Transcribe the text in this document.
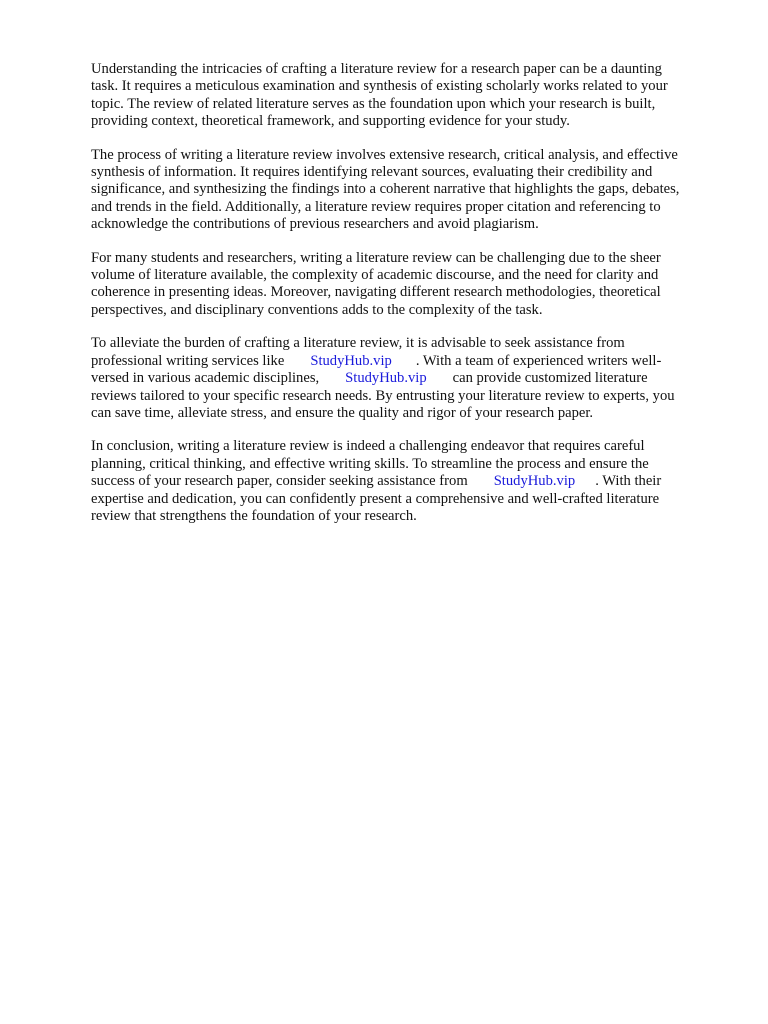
Understanding the intricacies of crafting a literature review for a research paper can be a daunting
task. It requires a meticulous examination and synthesis of existing scholarly works related to your
topic. The review of related literature serves as the foundation upon which your research is built,
providing context, theoretical framework, and supporting evidence for your study.

The process of writing a literature review involves extensive research, critical analysis, and effective
synthesis of information. It requires identifying relevant sources, evaluating their credibility and
significance, and synthesizing the findings into a coherent narrative that highlights the gaps, debates,
and trends in the field. Additionally, a literature review requires proper citation and referencing to
acknowledge the contributions of previous researchers and avoid plagiarism.

For many students and researchers, writing a literature review can be challenging due to the sheer
volume of literature available, the complexity of academic discourse, and the need for clarity and
coherence in presenting ideas. Moreover, navigating different research methodologies, theoretical
perspectives, and disciplinary conventions adds to the complexity of the task.

To alleviate the burden of crafting a literature review, it is advisable to seek assistance from
professional writing services like StudyHub.vip . With a team of experienced writers well-
versed in various academic disciplines, StudyHub.vip can provide customized literature
reviews tailored to your specific research needs. By entrusting your literature review to experts, you
can save time, alleviate stress, and ensure the quality and rigor of your research paper.

In conclusion, writing a literature review is indeed a challenging endeavor that requires careful
planning, critical thinking, and effective writing skills. To streamline the process and ensure the
success of your research paper, consider seeking assistance from StudyHub.vip . With their
expertise and dedication, you can confidently present a comprehensive and well-crafted literature
review that strengthens the foundation of your research.
